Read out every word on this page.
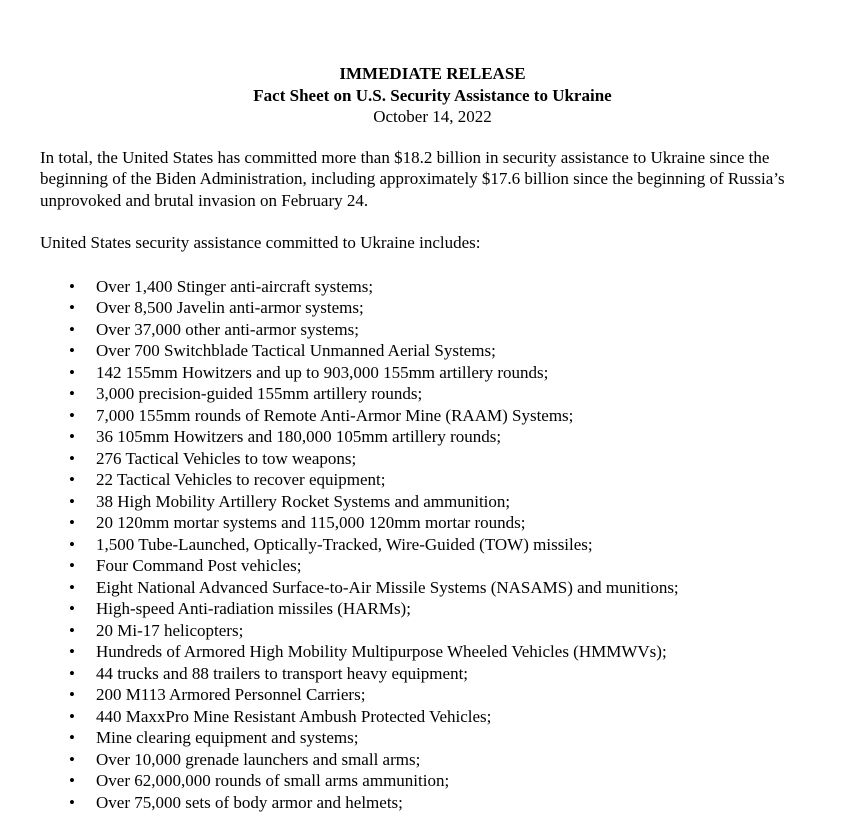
IMMEDIATE RELEASE
Fact Sheet on U.S. Security Assistance to Ukraine
October 14, 2022

In total, the United States has committed more than $18.2 billion in security assistance to Ukraine since the beginning of the Biden Administration, including approximately $17.6 billion since the beginning of Russia’s unprovoked and brutal invasion on February 24.

United States security assistance committed to Ukraine includes:

• Over 1,400 Stinger anti-aircraft systems;
• Over 8,500 Javelin anti-armor systems;
• Over 37,000 other anti-armor systems;
• Over 700 Switchblade Tactical Unmanned Aerial Systems;
• 142 155mm Howitzers and up to 903,000 155mm artillery rounds;
• 3,000 precision-guided 155mm artillery rounds;
• 7,000 155mm rounds of Remote Anti-Armor Mine (RAAM) Systems;
• 36 105mm Howitzers and 180,000 105mm artillery rounds;
• 276 Tactical Vehicles to tow weapons;
• 22 Tactical Vehicles to recover equipment;
• 38 High Mobility Artillery Rocket Systems and ammunition;
• 20 120mm mortar systems and 115,000 120mm mortar rounds;
• 1,500 Tube-Launched, Optically-Tracked, Wire-Guided (TOW) missiles;
• Four Command Post vehicles;
• Eight National Advanced Surface-to-Air Missile Systems (NASAMS) and munitions;
• High-speed Anti-radiation missiles (HARMs);
• 20 Mi-17 helicopters;
• Hundreds of Armored High Mobility Multipurpose Wheeled Vehicles (HMMWVs);
• 44 trucks and 88 trailers to transport heavy equipment;
• 200 M113 Armored Personnel Carriers;
• 440 MaxxPro Mine Resistant Ambush Protected Vehicles;
• Mine clearing equipment and systems;
• Over 10,000 grenade launchers and small arms;
• Over 62,000,000 rounds of small arms ammunition;
• Over 75,000 sets of body armor and helmets;
